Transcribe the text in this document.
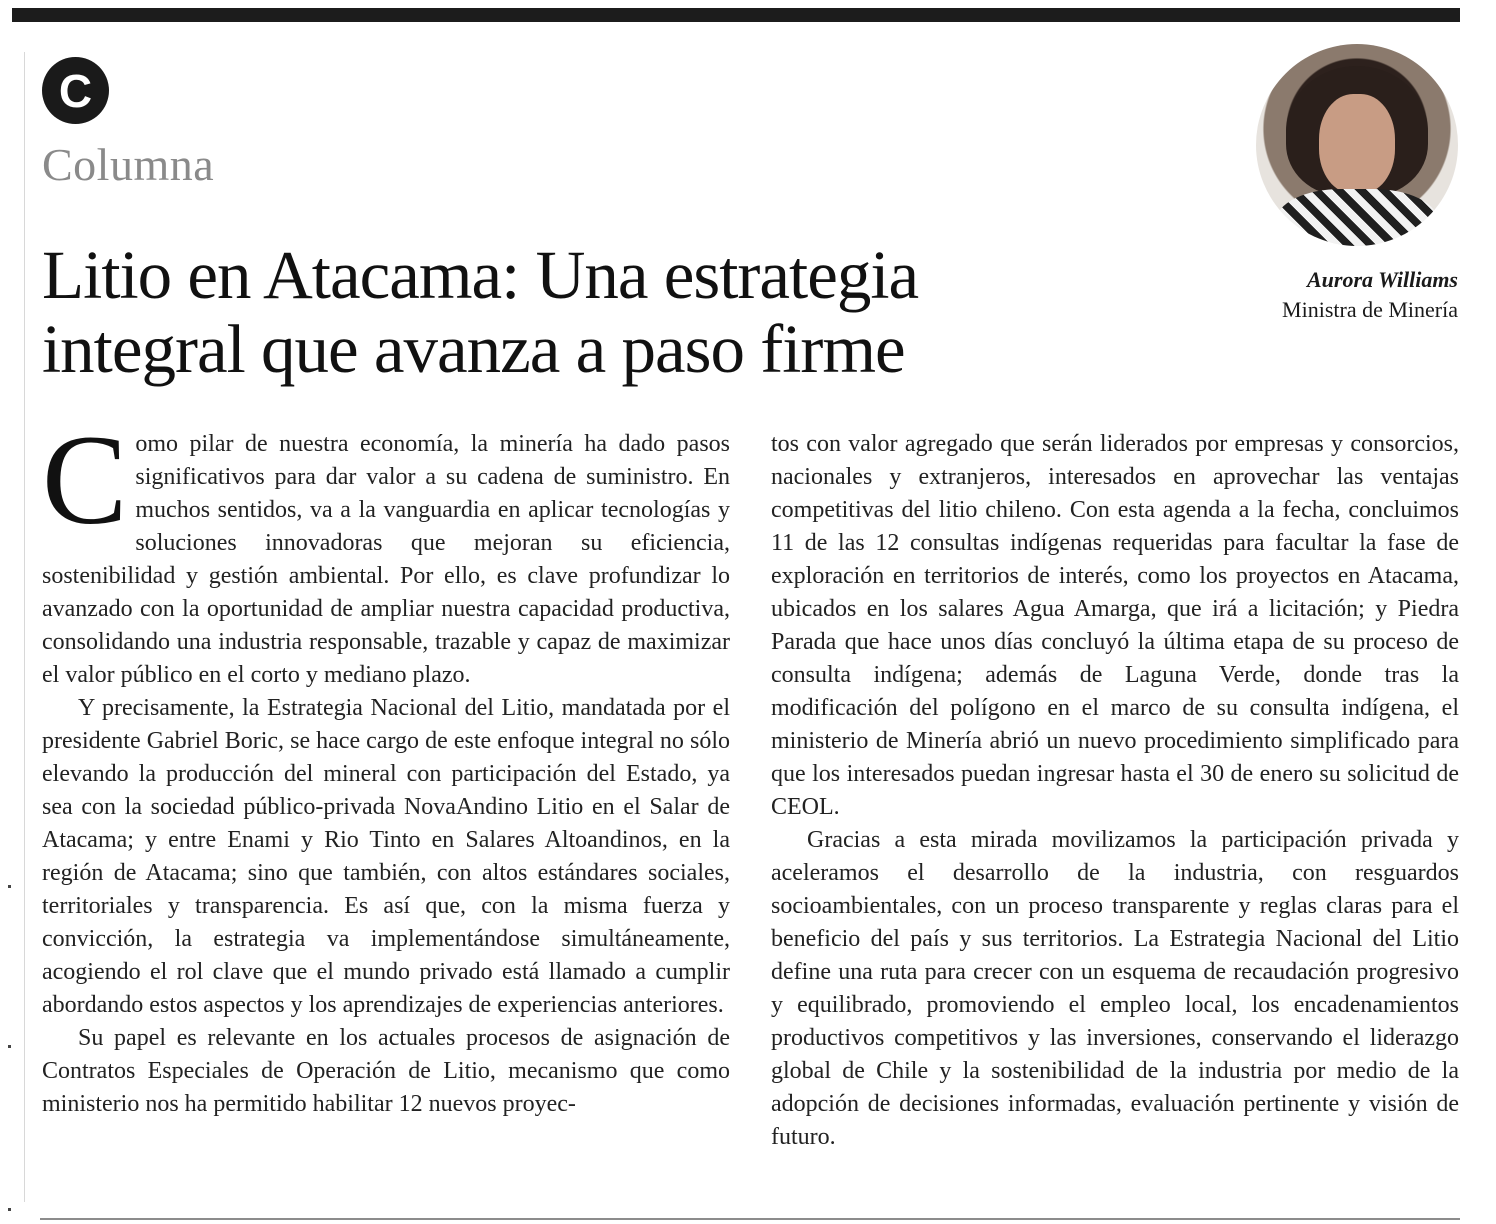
C
Columna
Litio en Atacama: Una estrategia integral que avanza a paso firme
Aurora Williams
Ministra de Minería

Como pilar de nuestra economía, la minería ha dado pasos significativos para dar valor a su cadena de suministro. En muchos sentidos, va a la vanguardia en aplicar tecnologías y soluciones innovadoras que mejoran su eficiencia, sostenibilidad y gestión ambiental. Por ello, es clave profundizar lo avanzado con la oportunidad de ampliar nuestra capacidad productiva, consolidando una industria responsable, trazable y capaz de maximizar el valor público en el corto y mediano plazo.

Y precisamente, la Estrategia Nacional del Litio, mandatada por el presidente Gabriel Boric, se hace cargo de este enfoque integral no sólo elevando la producción del mineral con participación del Estado, ya sea con la sociedad público-privada NovaAndino Litio en el Salar de Atacama; y entre Enami y Rio Tinto en Salares Altoandinos, en la región de Atacama; sino que también, con altos estándares sociales, territoriales y transparencia. Es así que, con la misma fuerza y convicción, la estrategia va implementándose simultáneamente, acogiendo el rol clave que el mundo privado está llamado a cumplir abordando estos aspectos y los aprendizajes de experiencias anteriores.

Su papel es relevante en los actuales procesos de asignación de Contratos Especiales de Operación de Litio, mecanismo que como ministerio nos ha permitido habilitar 12 nuevos proyec-

tos con valor agregado que serán liderados por empresas y consorcios, nacionales y extranjeros, interesados en aprovechar las ventajas competitivas del litio chileno. Con esta agenda a la fecha, concluimos 11 de las 12 consultas indígenas requeridas para facultar la fase de exploración en territorios de interés, como los proyectos en Atacama, ubicados en los salares Agua Amarga, que irá a licitación; y Piedra Parada que hace unos días concluyó la última etapa de su proceso de consulta indígena; además de Laguna Verde, donde tras la modificación del polígono en el marco de su consulta indígena, el ministerio de Minería abrió un nuevo procedimiento simplificado para que los interesados puedan ingresar hasta el 30 de enero su solicitud de CEOL.

Gracias a esta mirada movilizamos la participación privada y aceleramos el desarrollo de la industria, con resguardos socioambientales, con un proceso transparente y reglas claras para el beneficio del país y sus territorios. La Estrategia Nacional del Litio define una ruta para crecer con un esquema de recaudación progresivo y equilibrado, promoviendo el empleo local, los encadenamientos productivos competitivos y las inversiones, conservando el liderazgo global de Chile y la sostenibilidad de la industria por medio de la adopción de decisiones informadas, evaluación pertinente y visión de futuro.
